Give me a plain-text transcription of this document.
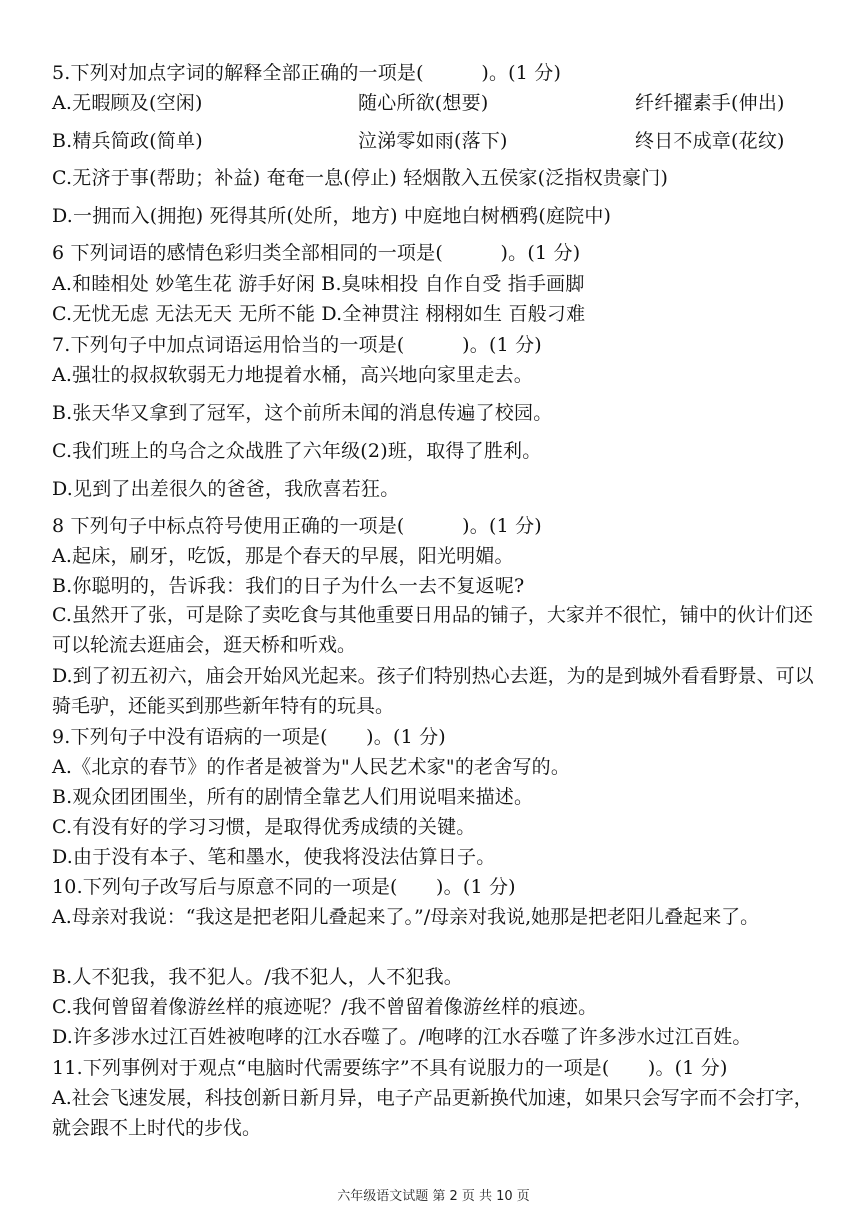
5.下列对加点字词的解释全部正确的一项是(　　　)。(1 分)
A.无暇顾及(空闲)	随心所欲(想要)	纤纤擢素手(伸出)
B.精兵简政(简单)	泣涕零如雨(落下)	终日不成章(花纹)
C.无济于事(帮助；补益) 奄奄一息(停止) 轻烟散入五侯家(泛指权贵豪门)
D.一拥而入(拥抱) 死得其所(处所，地方) 中庭地白树栖鸦(庭院中)
6 下列词语的感情色彩归类全部相同的一项是(　　　)。(1 分)
A.和睦相处 妙笔生花 游手好闲 B.臭味相投 自作自受 指手画脚
C.无忧无虑 无法无天 无所不能 D.全神贯注 栩栩如生 百般刁难
7.下列句子中加点词语运用恰当的一项是(　　　)。(1 分)
A.强壮的叔叔软弱无力地提着水桶，高兴地向家里走去。
B.张天华又拿到了冠军，这个前所未闻的消息传遍了校园。
C.我们班上的乌合之众战胜了六年级(2)班，取得了胜利。
D.见到了出差很久的爸爸，我欣喜若狂。
8 下列句子中标点符号使用正确的一项是(　　　)。(1 分)
A.起床，刷牙，吃饭，那是个春天的早展，阳光明媚。
B.你聪明的，告诉我：我们的日子为什么一去不复返呢?
C.虽然开了张，可是除了卖吃食与其他重要日用品的铺子，大家并不很忙，铺中的伙计们还可以轮流去逛庙会，逛天桥和听戏。
D.到了初五初六，庙会开始风光起来。孩子们特别热心去逛，为的是到城外看看野景、可以骑毛驴，还能买到那些新年特有的玩具。
9.下列句子中没有语病的一项是(　　)。(1 分)
A.《北京的春节》的作者是被誉为"人民艺术家"的老舍写的。
B.观众团团围坐，所有的剧情全靠艺人们用说唱来描述。
C.有没有好的学习习惯，是取得优秀成绩的关键。
D.由于没有本子、笔和墨水，使我将没法估算日子。
10.下列句子改写后与原意不同的一项是(　　)。(1 分)
A.母亲对我说：“我这是把老阳儿叠起来了。”/母亲对我说,她那是把老阳儿叠起来了。
B.人不犯我，我不犯人。/我不犯人，人不犯我。
C.我何曾留着像游丝样的痕迹呢？/我不曾留着像游丝样的痕迹。
D.许多涉水过江百姓被咆哮的江水吞噬了。/咆哮的江水吞噬了许多涉水过江百姓。
11.下列事例对于观点“电脑时代需要练字”不具有说服力的一项是(　　)。(1 分)
A.社会飞速发展，科技创新日新月异，电子产品更新换代加速，如果只会写字而不会打字，就会跟不上时代的步伐。
六年级语文试题 第 2 页 共 10 页
